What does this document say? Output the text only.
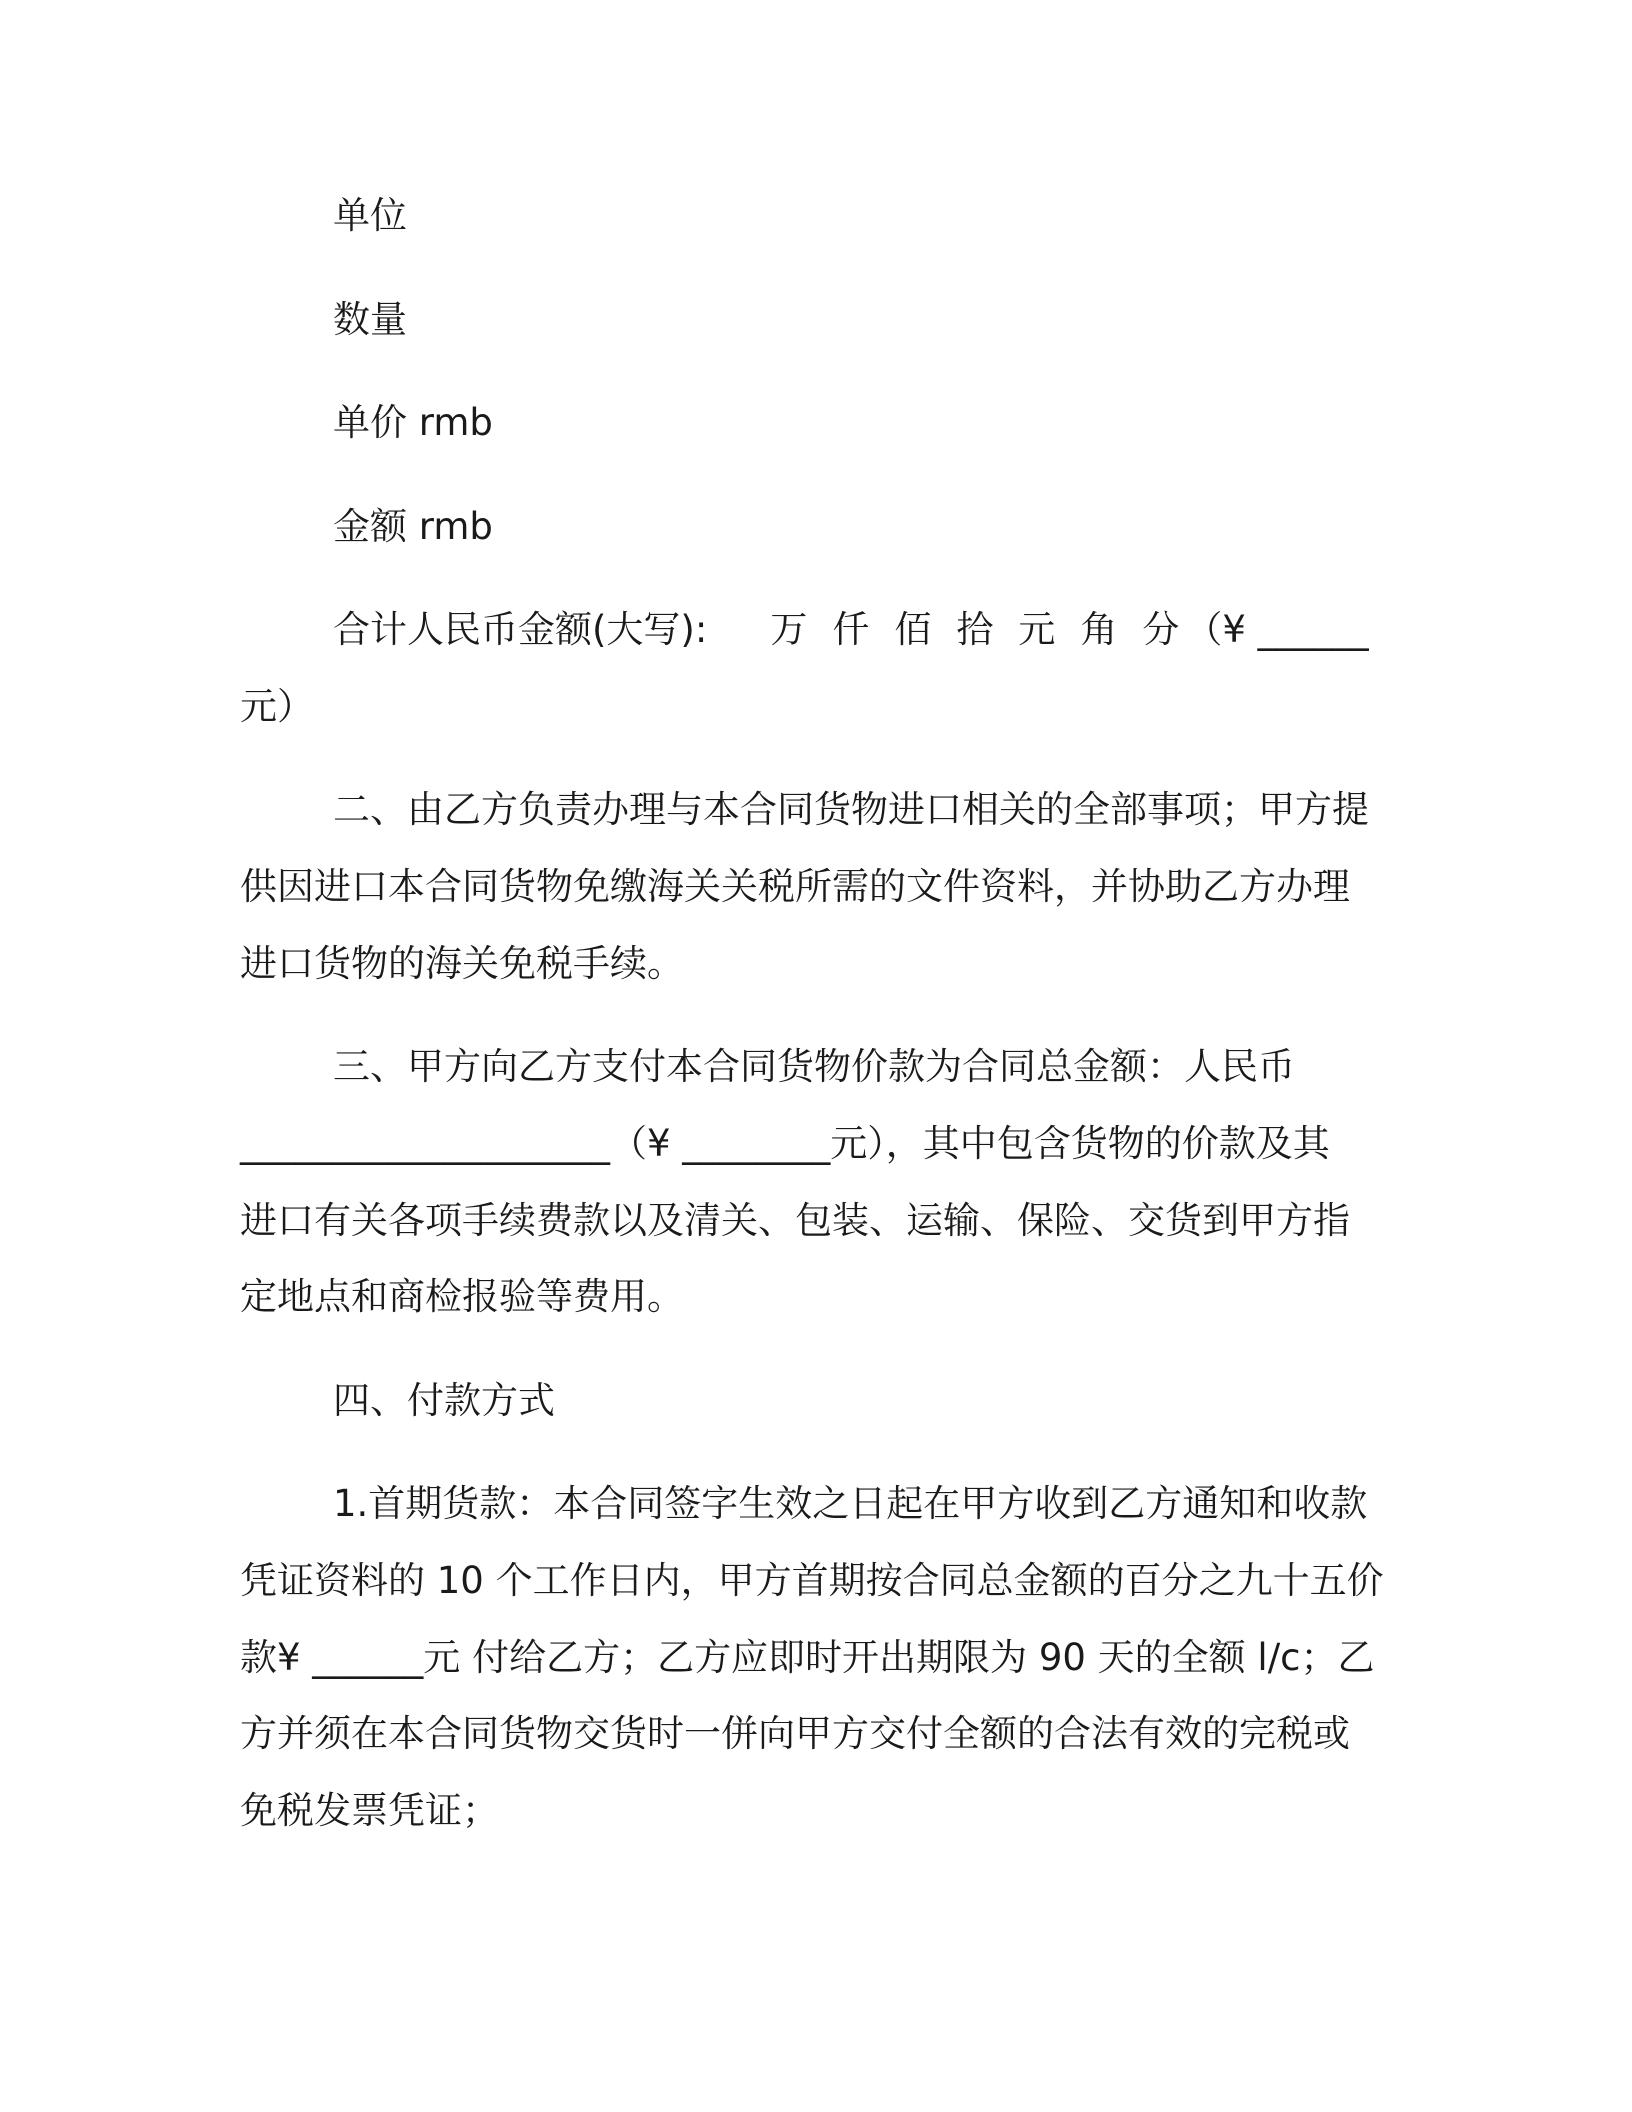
单位

数量

单价 rmb

金额 rmb

合计人民币金额(大写): 万 仟 佰 拾 元 角 分 （¥ ______
元）

二、由乙方负责办理与本合同货物进口相关的全部事项；甲方提
供因进口本合同货物免缴海关关税所需的文件资料，并协助乙方办理
进口货物的海关免税手续。

三、甲方向乙方支付本合同货物价款为合同总金额：人民币
____________________（¥ ________元），其中包含货物的价款及其
进口有关各项手续费款以及清关、包装、运输、保险、交货到甲方指
定地点和商检报验等费用。

四、付款方式

1.首期货款：本合同签字生效之日起在甲方收到乙方通知和收款
凭证资料的 10 个工作日内，甲方首期按合同总金额的百分之九十五价
款¥ ______元 付给乙方；乙方应即时开出期限为 90 天的全额 l/c；乙
方并须在本合同货物交货时一併向甲方交付全额的合法有效的完税或
免税发票凭证；
